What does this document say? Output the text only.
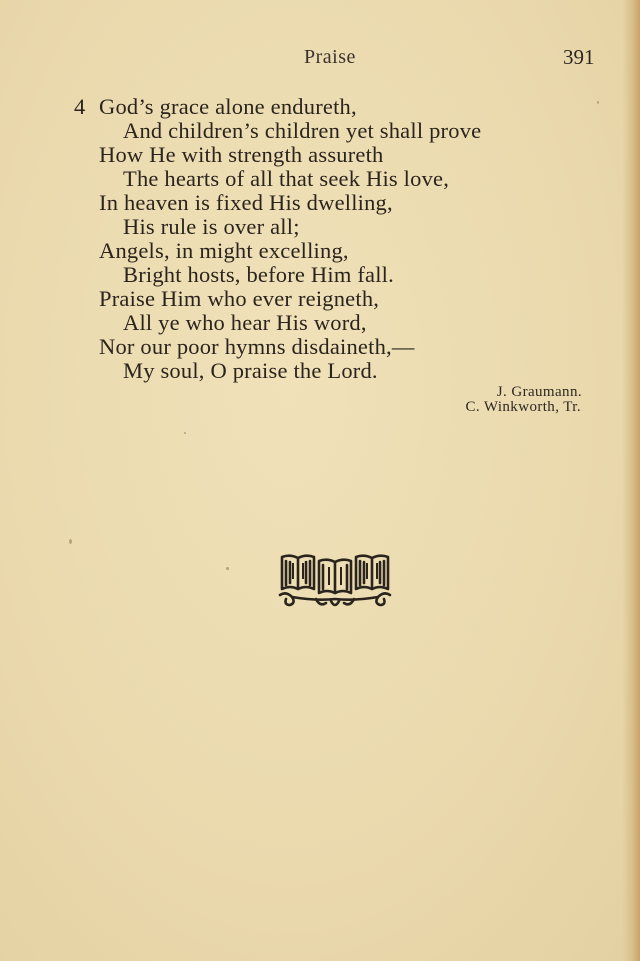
Praise	391
4 God’s grace alone endureth,
And children’s children yet shall prove
How He with strength assureth
The hearts of all that seek His love,
In heaven is fixed His dwelling,
His rule is over all;
Angels, in might excelling,
Bright hosts, before Him fall.
Praise Him who ever reigneth,
All ye who hear His word,
Nor our poor hymns disdaineth,—
My soul, O praise the Lord.
J. Graumann.
C. Winkworth, Tr.
